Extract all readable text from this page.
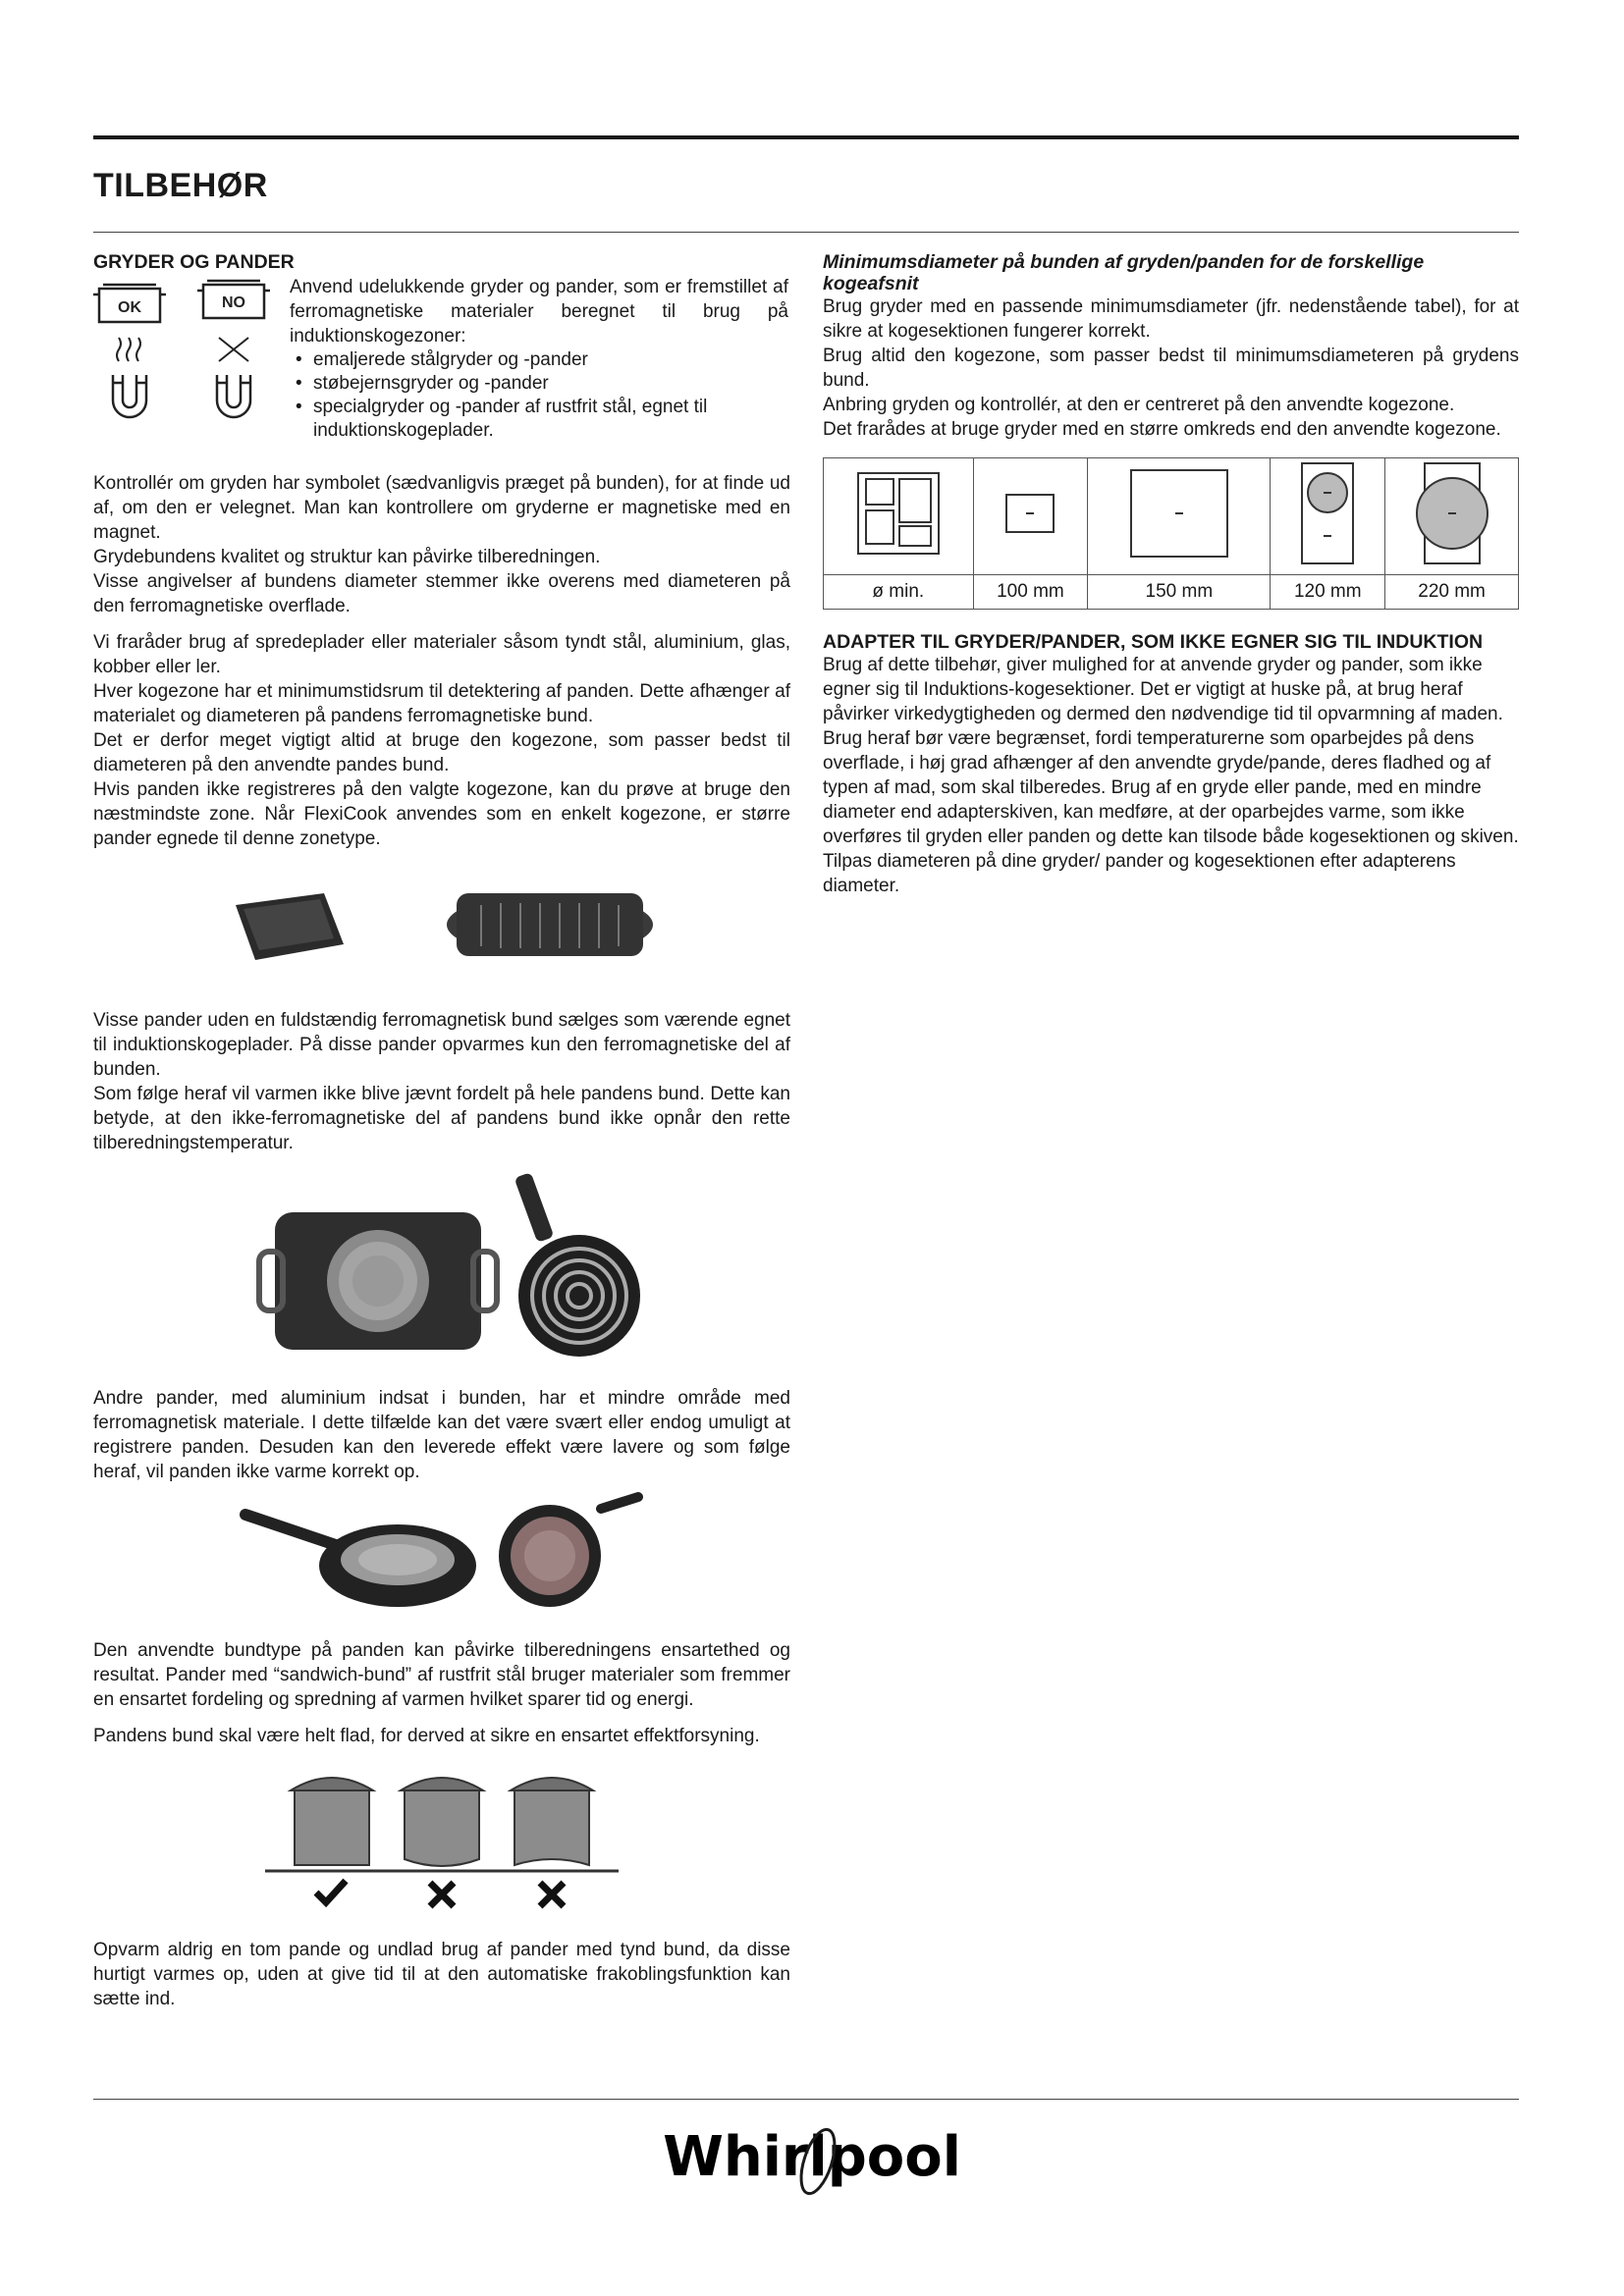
TILBEHØR
GRYDER OG PANDER
OK	NO

Anvend udelukkende gryder og pander, som er fremstillet af ferromagnetiske materialer beregnet til brug på induktionskogezoner:

• emaljerede stålgryder og -pander
• støbejernsgryder og -pander
• specialgryder og -pander af rustfrit stål, egnet til induktionskogeplader.

Kontrollér om gryden har symbolet (sædvanligvis præget på bunden), for at finde ud af, om den er velegnet. Man kan kontrollere om gryderne er magnetiske med en magnet.

Grydebundens kvalitet og struktur kan påvirke tilberedningen.

Visse angivelser af bundens diameter stemmer ikke overens med diameteren på den ferromagnetiske overflade.

Vi fraråder brug af spredeplader eller materialer såsom tyndt stål, aluminium, glas, kobber eller ler.

Hver kogezone har et minimumstidsrum til detektering af panden. Dette afhænger af materialet og diameteren på pandens ferromagnetiske bund.

Det er derfor meget vigtigt altid at bruge den kogezone, som passer bedst til diameteren på den anvendte pandes bund.

Hvis panden ikke registreres på den valgte kogezone, kan du prøve at bruge den næstmindste zone. Når FlexiCook anvendes som en enkelt kogezone, er større pander egnede til denne zonetype.

Visse pander uden en fuldstændig ferromagnetisk bund sælges som værende egnet til induktionskogeplader. På disse pander opvarmes kun den ferromagnetiske del af bunden.

Som følge heraf vil varmen ikke blive jævnt fordelt på hele pandens bund. Dette kan betyde, at den ikke-ferromagnetiske del af pandens bund ikke opnår den rette tilberedningstemperatur.

Andre pander, med aluminium indsat i bunden, har et mindre område med ferromagnetisk materiale. I dette tilfælde kan det være svært eller endog umuligt at registrere panden. Desuden kan den leverede effekt være lavere og som følge heraf, vil panden ikke varme korrekt op.

Den anvendte bundtype på panden kan påvirke tilberedningens ensartethed og resultat. Pander med “sandwich-bund” af rustfrit stål bruger materialer som fremmer en ensartet fordeling og spredning af varmen hvilket sparer tid og energi.

Pandens bund skal være helt flad, for derved at sikre en ensartet effektforsyning.

Opvarm aldrig en tom pande og undlad brug af pander med tynd bund, da disse hurtigt varmes op, uden at give tid til at den automatiske frakoblingsfunktion kan sætte ind.

Minimumsdiameter på bunden af gryden/panden for de forskellige kogeafsnit

Brug gryder med en passende minimumsdiameter (jfr. nedenstående tabel), for at sikre at kogesektionen fungerer korrekt.

Brug altid den kogezone, som passer bedst til minimumsdiameteren på grydens bund.

Anbring gryden og kontrollér, at den er centreret på den anvendte kogezone.

Det frarådes at bruge gryder med en større omkreds end den anvendte kogezone.

ø min.	100 mm	150 mm	120 mm	220 mm
ADAPTER TIL GRYDER/PANDER, SOM IKKE EGNER SIG TIL INDUKTION

Brug af dette tilbehør, giver mulighed for at anvende gryder og pander, som ikke egner sig til Induktions-kogesektioner. Det er vigtigt at huske på, at brug heraf påvirker virkedygtigheden og dermed den nødvendige tid til opvarmning af maden. Brug heraf bør være begrænset, fordi temperaturerne som oparbejdes på dens overflade, i høj grad afhænger af den anvendte gryde/pande, deres fladhed og af typen af mad, som skal tilberedes. Brug af en gryde eller pande, med en mindre diameter end adapterskiven, kan medføre, at der oparbejdes varme, som ikke overføres til gryden eller panden og dette kan tilsode både kogesektionen og skiven. Tilpas diameteren på dine gryder/ pander og kogesektionen efter adapterens diameter.

Whirlpool
